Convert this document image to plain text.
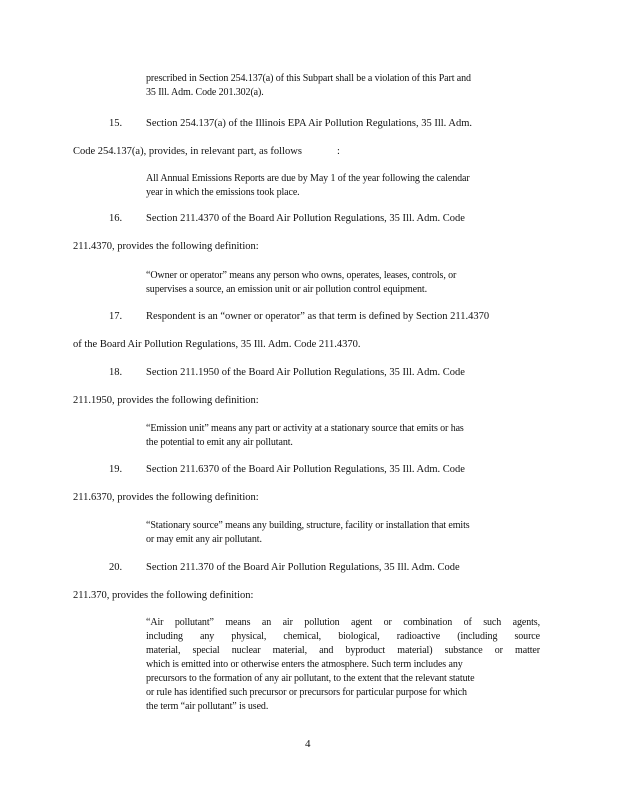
prescribed in Section 254.137(a) of this Subpart shall be a violation of this Part and
35 Ill. Adm. Code 201.302(a).
15. Section 254.137(a) of the Illinois EPA Air Pollution Regulations, 35 Ill. Adm.
Code 254.137(a), provides, in relevant part, as follows	:
All Annual Emissions Reports are due by May 1 of the year following the calendar
year in which the emissions took place.
16. Section 211.4370 of the Board Air Pollution Regulations, 35 Ill. Adm. Code
211.4370, provides the following definition:
“Owner or operator” means any person who owns, operates, leases, controls, or
supervises a source, an emission unit or air pollution control equipment.
17. Respondent is an “owner or operator” as that term is defined by Section 211.4370
of the Board Air Pollution Regulations, 35 Ill. Adm. Code 211.4370.
18. Section 211.1950 of the Board Air Pollution Regulations, 35 Ill. Adm. Code
211.1950, provides the following definition:
“Emission unit” means any part or activity at a stationary source that emits or has
the potential to emit any air pollutant.
19. Section 211.6370 of the Board Air Pollution Regulations, 35 Ill. Adm. Code
211.6370, provides the following definition:
“Stationary source” means any building, structure, facility or installation that emits
or may emit any air pollutant.
20. Section 211.370 of the Board Air Pollution Regulations, 35 Ill. Adm. Code
211.370, provides the following definition:
“Air pollutant” means an air pollution agent or combination of such agents,
including any physical, chemical, biological, radioactive (including source
material, special nuclear material, and byproduct material) substance or matter
which is emitted into or otherwise enters the atmosphere. Such term includes any
precursors to the formation of any air pollutant, to the extent that the relevant statute
or rule has identified such precursor or precursors for particular purpose for which
the term “air pollutant” is used.
4
